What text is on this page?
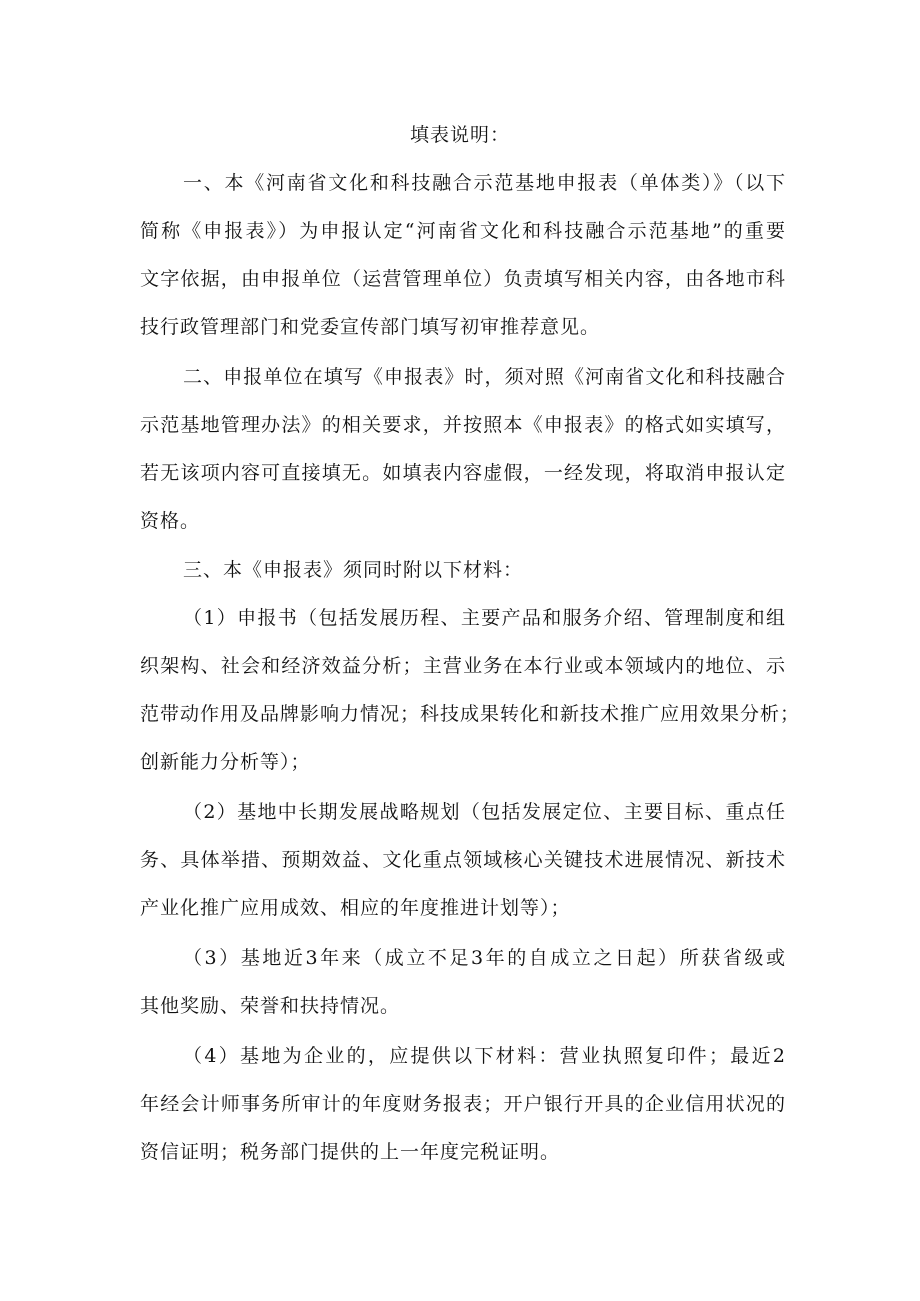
填表说明：
一、本《河南省文化和科技融合示范基地申报表（单体类）》（以下
简称《申报表》）为申报认定“河南省文化和科技融合示范基地”的重要
文字依据，由申报单位（运营管理单位）负责填写相关内容，由各地市科
技行政管理部门和党委宣传部门填写初审推荐意见。
二、申报单位在填写《申报表》时，须对照《河南省文化和科技融合
示范基地管理办法》的相关要求，并按照本《申报表》的格式如实填写，
若无该项内容可直接填无。如填表内容虚假，一经发现，将取消申报认定
资格。
三、本《申报表》须同时附以下材料：
（1）申报书（包括发展历程、主要产品和服务介绍、管理制度和组
织架构、社会和经济效益分析；主营业务在本行业或本领域内的地位、示
范带动作用及品牌影响力情况；科技成果转化和新技术推广应用效果分析；
创新能力分析等）；
（2）基地中长期发展战略规划（包括发展定位、主要目标、重点任
务、具体举措、预期效益、文化重点领域核心关键技术进展情况、新技术
产业化推广应用成效、相应的年度推进计划等）；
（3）基地近3年来（成立不足3年的自成立之日起）所获省级或
其他奖励、荣誉和扶持情况。
（4）基地为企业的，应提供以下材料：营业执照复印件；最近2
年经会计师事务所审计的年度财务报表；开户银行开具的企业信用状况的
资信证明；税务部门提供的上一年度完税证明。
